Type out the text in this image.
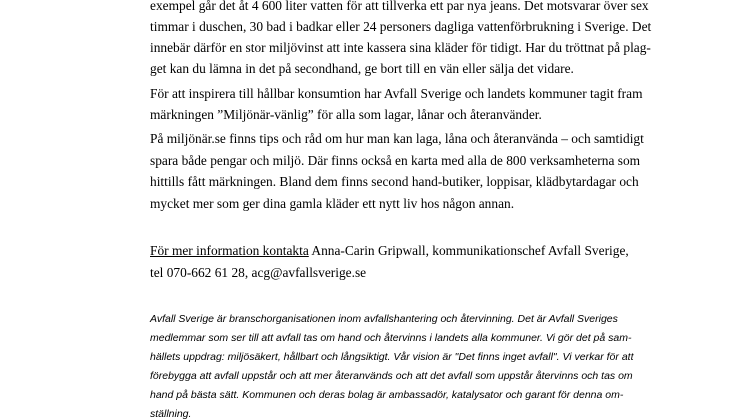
exempel går det åt 4 600 liter vatten för att tillverka ett par nya jeans. Det motsvarar över sex
timmar i duschen, 30 bad i badkar eller 24 personers dagliga vattenförbrukning i Sverige. Det
innebär därför en stor miljövinst att inte kassera sina kläder för tidigt. Har du tröttnat på plag-
get kan du lämna in det på secondhand, ge bort till en vän eller sälja det vidare.
För att inspirera till hållbar konsumtion har Avfall Sverige och landets kommuner tagit fram
märkningen ”Miljönär-vänlig” för alla som lagar, lånar och återanvänder.
På miljönär.se finns tips och råd om hur man kan laga, låna och återanvända – och samtidigt
spara både pengar och miljö. Där finns också en karta med alla de 800 verksamheterna som
hittills fått märkningen. Bland dem finns second hand-butiker, loppisar, klädbytardagar och
mycket mer som ger dina gamla kläder ett nytt liv hos någon annan.
För mer information kontakta Anna-Carin Gripwall, kommunikationschef Avfall Sverige,
tel 070-662 61 28, acg@avfallsverige.se
Avfall Sverige är branschorganisationen inom avfallshantering och återvinning. Det är Avfall Sveriges
medlemmar som ser till att avfall tas om hand och återvinns i landets alla kommuner. Vi gör det på sam-
hällets uppdrag: miljösäkert, hållbart och långsiktigt. Vår vision är "Det finns inget avfall". Vi verkar för att
förebygga att avfall uppstår och att mer återanvänds och att det avfall som uppstår återvinns och tas om
hand på bästa sätt. Kommunen och deras bolag är ambassadör, katalysator och garant för denna om-
ställning.
